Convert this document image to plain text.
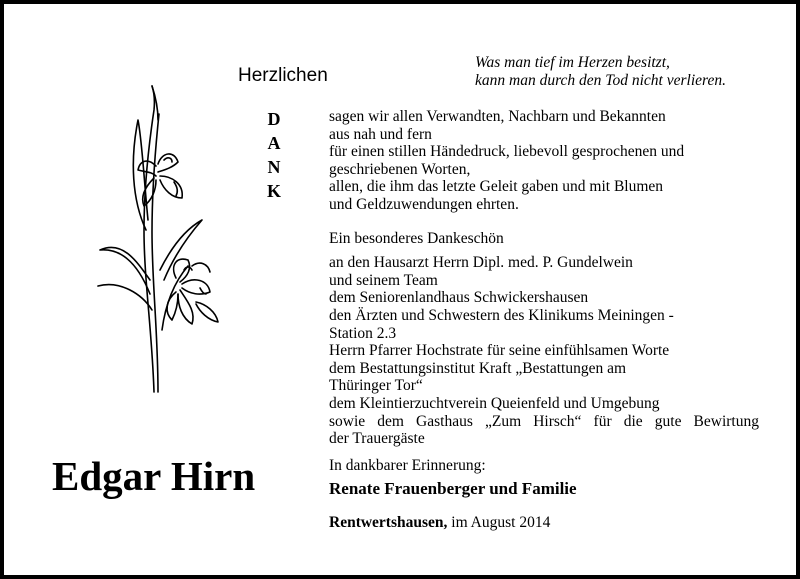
Herzlichen
Was man tief im Herzen besitzt,
kann man durch den Tod nicht verlieren.
D
A
N
K
sagen wir allen Verwandten, Nachbarn und Bekannten
aus nah und fern
für einen stillen Händedruck, liebevoll gesprochenen und
geschriebenen Worten,
allen, die ihm das letzte Geleit gaben und mit Blumen
und Geldzuwendungen ehrten.
Ein besonderes Dankeschön
an den Hausarzt Herrn Dipl. med. P. Gundelwein
und seinem Team
dem Seniorenlandhaus Schwickershausen
den Ärzten und Schwestern des Klinikums Meiningen -
Station 2.3
Herrn Pfarrer Hochstrate für seine einfühlsamen Worte
dem Bestattungsinstitut Kraft „Bestattungen am
Thüringer Tor“
dem Kleintierzuchtverein Queienfeld und Umgebung
sowie dem Gasthaus „Zum Hirsch“ für die gute Bewirtung
der Trauergäste
Edgar Hirn	In dankbarer Erinnerung:
Renate Frauenberger und Familie
Rentwertshausen, im August 2014
